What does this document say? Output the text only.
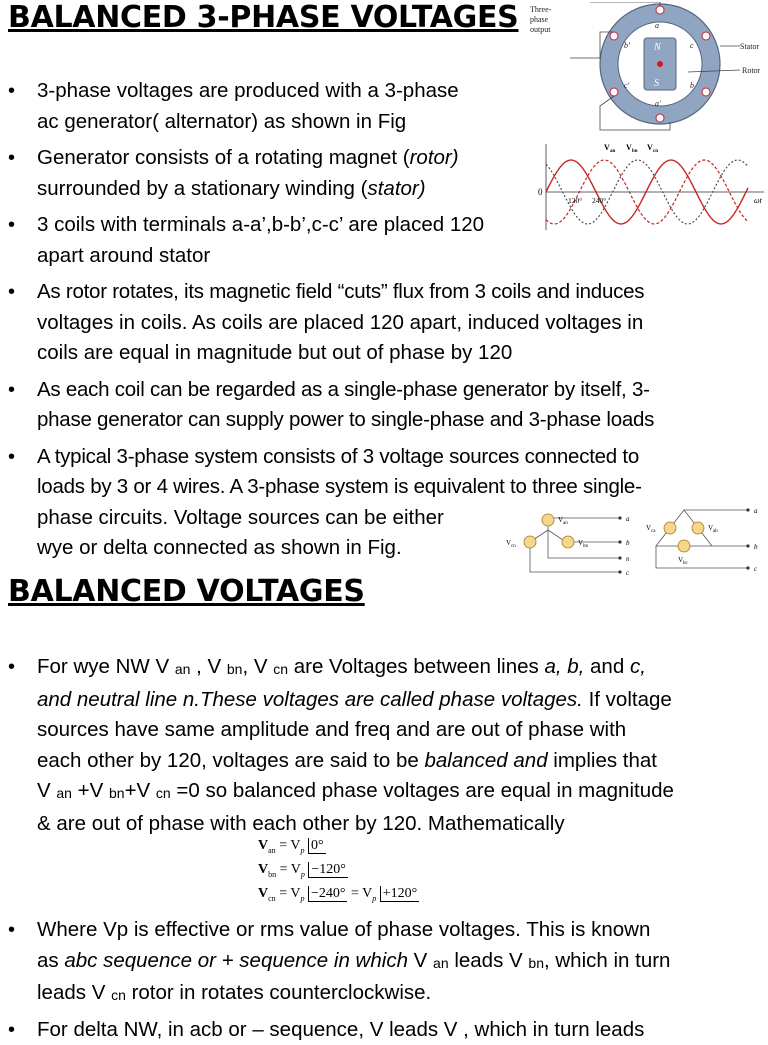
BALANCED 3-PHASE VOLTAGES
• 3-phase voltages are produced with a 3-phase
ac generator( alternator) as shown in Fig
• Generator consists of a rotating magnet (rotor)
surrounded by a stationary winding (stator)
• 3 coils with terminals a-a’,b-b’,c-c’ are placed 120
apart around stator
• As rotor rotates, its magnetic field “cuts” flux from 3 coils and induces
voltages in coils. As coils are placed 120 apart, induced voltages in
coils are equal in magnitude but out of phase by 120
• As each coil can be regarded as a single-phase generator by itself, 3-
phase generator can supply power to single-phase and 3-phase loads
• A typical 3-phase system consists of 3 voltage sources connected to
loads by 3 or 4 wires. A 3-phase system is equivalent to three single-
phase circuits. Voltage sources can be either
wye or delta connected as shown in Fig.
Three-
phase
output
N
S
a
a'
b'
b
c
c'
Stator
Rotor
0
V an V bn V cn
120° 240°	ωt
V an
V cn	V bn
a
b
n
c
V ca	V ab
V bc
a
b
c
BALANCED VOLTAGES
• For wye NW V $_{an}$ , V $_{bn}$, V $_{cn}$ are Voltages between lines a, b, and c,
and neutral line n.These voltages are called phase voltages. If voltage
sources have same amplitude and freq and are out of phase with
each other by 120, voltages are said to be balanced and implies that
V $_{an}$ +V $_{bn}$+V $_{cn}$ =0 so balanced phase voltages are equal in magnitude
& are out of phase with each other by 120. Mathematically
$V_{an} = V_p$ 0°
$V_{bn} = V_p -120^\circ$
$V_{cn} = V_p -240^\circ = V_p +120^\circ$
• Where Vp is effective or rms value of phase voltages. This is known
as abc sequence or + sequence in which V $_{an}$ leads V $_{bn}$, which in turn
leads V $_{cn}$ rotor in rotates counterclockwise.
• For delta NW, in acb or – sequence, V leads V , which in turn leads
